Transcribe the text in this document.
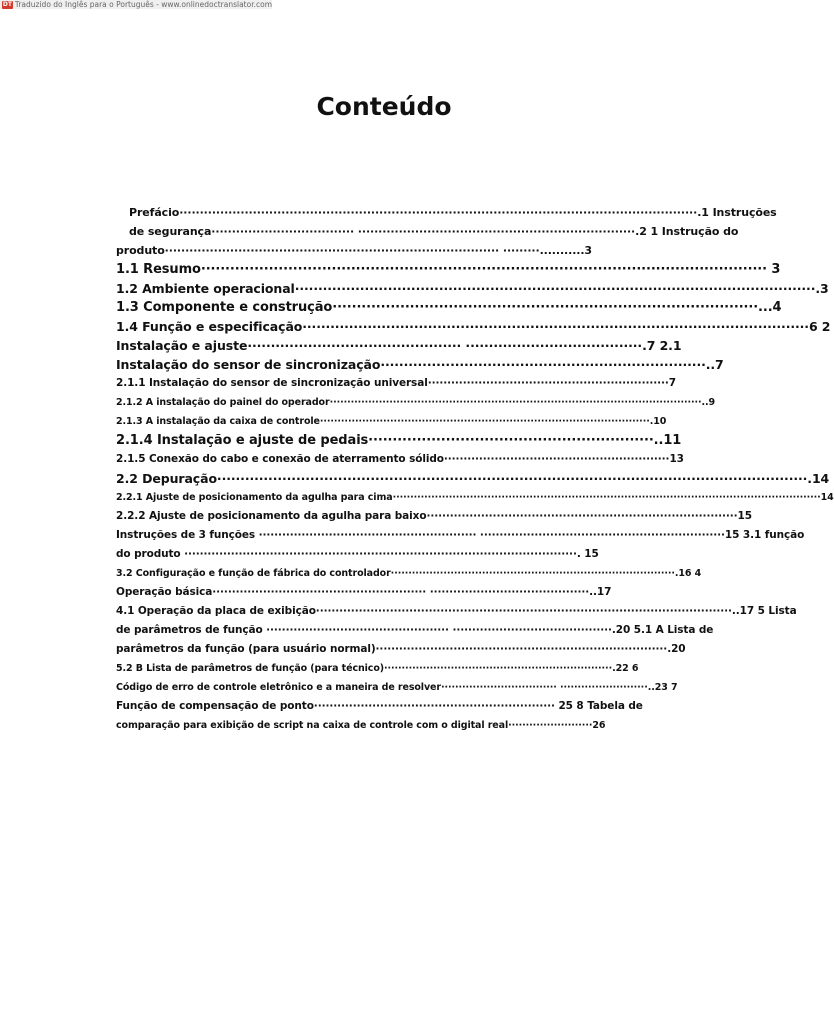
DT Traduzido do Inglês para o Português - www.onlinedoctranslator.com
Conteúdo
Prefácio·······························································································································.1 Instruções
de segurança··································· ····································································.2 1 Instrução do
produto·················································································· ·········...........3
1.1 Resumo····················································································································· 3
1.2 Ambiente operacional················································································································.3
1.3 Componente e construção························································································...4
1.4 Função e especificação·············································································································6 2
Instalação e ajuste·············································· ······································.7 2.1
Instalação do sensor de sincronização······································································..7
2.1.1 Instalação do sensor de sincronização universal······························································7
2.1.2 A instalação do painel do operador··········································································································..9
2.1.3 A instalação da caixa de controle······························································································.10
2.1.4 Instalação e ajuste de pedais···························································..11
2.1.5 Conexão do cabo e conexão de aterramento sólido··························································13
2.2 Depuração·······························································································································.14
2.2.1 Ajuste de posicionamento da agulha para cima··························································································································14
2.2.2 Ajuste de posicionamento da agulha para baixo················································································15
Instruções de 3 funções ························································ ·······························································15 3.1 função
do produto ·····································································································. 15
3.2 Configuração e função de fábrica do controlador·················································································.16 4
Operação básica······················································· ·········································..17
4.1 Operação da placa de exibição···········································································································..17 5 Lista
de parâmetros de função ··············································· ·········································.20 5.1 A Lista de
parâmetros da função (para usuário normal)···········································································.20
5.2 B Lista de parâmetros de função (para técnico)·································································.22 6
Código de erro de controle eletrônico e a maneira de resolver································· ·························..23 7
Função de compensação de ponto······························································ 25 8 Tabela de
comparação para exibição de script na caixa de controle com o digital real························26
